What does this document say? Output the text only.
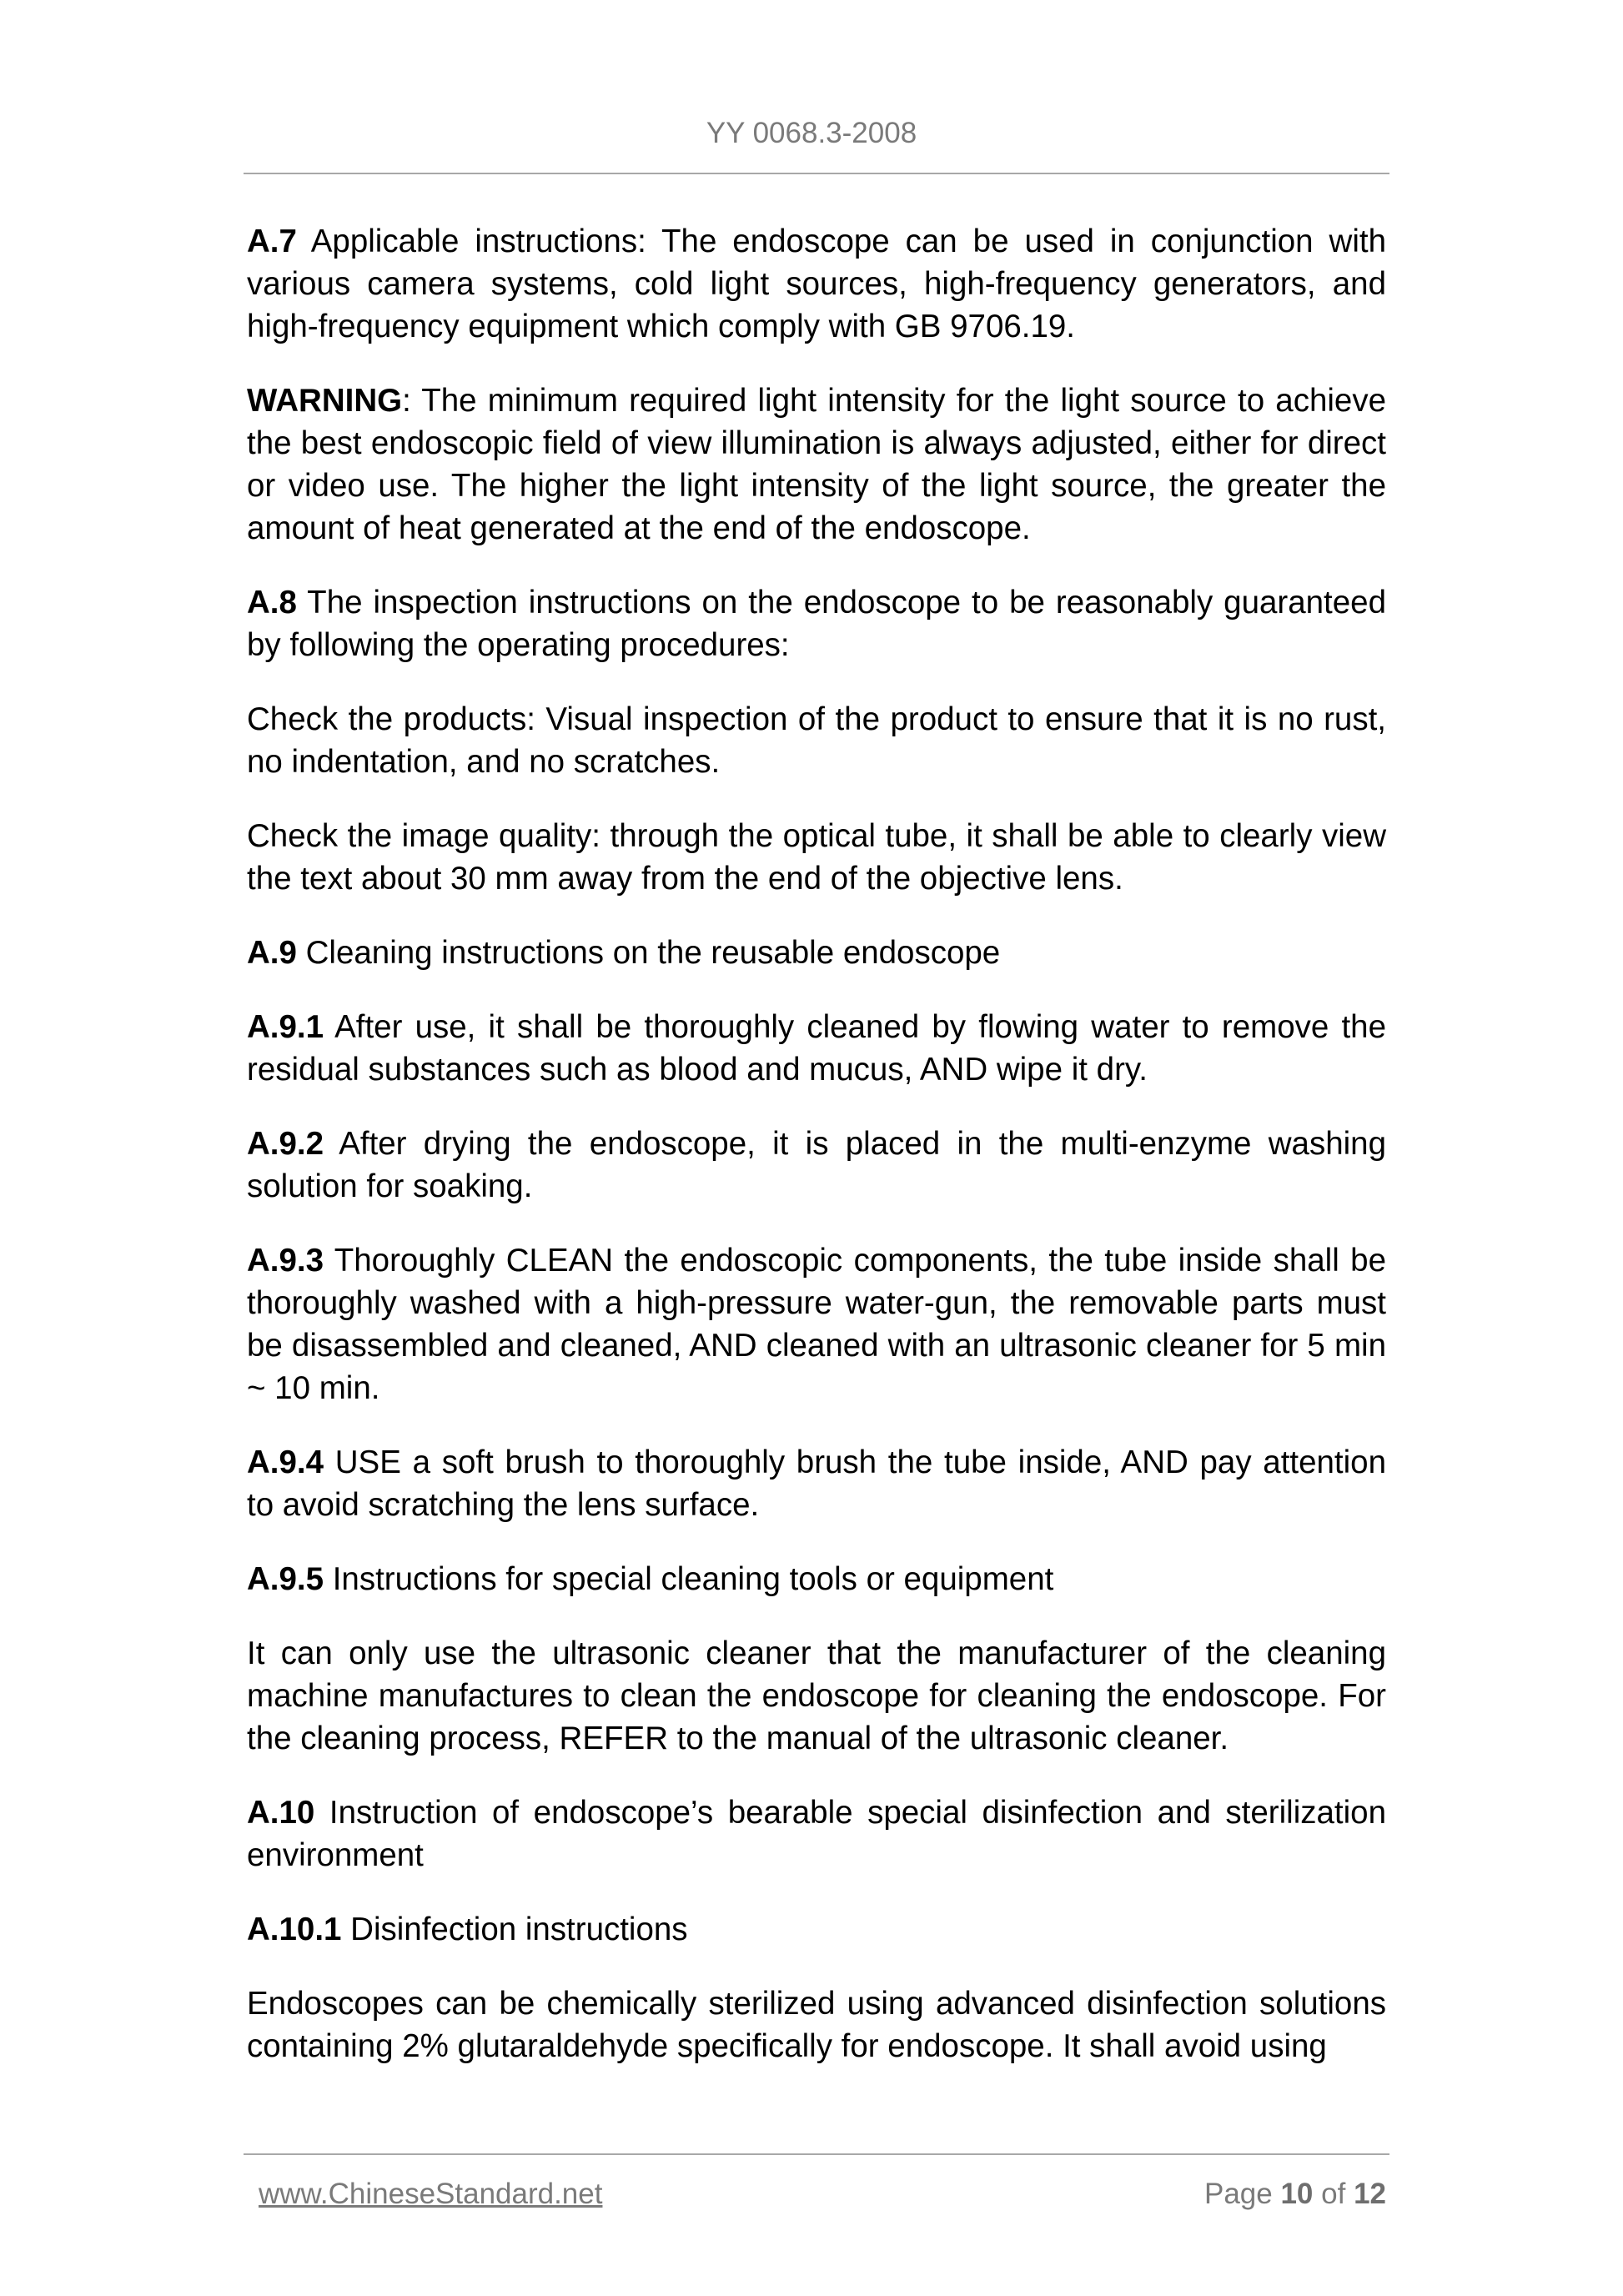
YY 0068.3-2008

A.7 Applicable instructions: The endoscope can be used in conjunction with various camera systems, cold light sources, high-frequency generators, and high-frequency equipment which comply with GB 9706.19.

WARNING: The minimum required light intensity for the light source to achieve the best endoscopic field of view illumination is always adjusted, either for direct or video use. The higher the light intensity of the light source, the greater the amount of heat generated at the end of the endoscope.

A.8 The inspection instructions on the endoscope to be reasonably guaranteed by following the operating procedures:

Check the products: Visual inspection of the product to ensure that it is no rust, no indentation, and no scratches.

Check the image quality: through the optical tube, it shall be able to clearly view the text about 30 mm away from the end of the objective lens.

A.9 Cleaning instructions on the reusable endoscope

A.9.1 After use, it shall be thoroughly cleaned by flowing water to remove the residual substances such as blood and mucus, AND wipe it dry.

A.9.2 After drying the endoscope, it is placed in the multi-enzyme washing solution for soaking.

A.9.3 Thoroughly CLEAN the endoscopic components, the tube inside shall be thoroughly washed with a high-pressure water-gun, the removable parts must be disassembled and cleaned, AND cleaned with an ultrasonic cleaner for 5 min ~ 10 min.

A.9.4 USE a soft brush to thoroughly brush the tube inside, AND pay attention to avoid scratching the lens surface.

A.9.5 Instructions for special cleaning tools or equipment

It can only use the ultrasonic cleaner that the manufacturer of the cleaning machine manufactures to clean the endoscope for cleaning the endoscope. For the cleaning process, REFER to the manual of the ultrasonic cleaner.

A.10 Instruction of endoscope’s bearable special disinfection and sterilization environment

A.10.1 Disinfection instructions

Endoscopes can be chemically sterilized using advanced disinfection solutions containing 2% glutaraldehyde specifically for endoscope. It shall avoid using

www.ChineseStandard.net	Page 10 of 12
